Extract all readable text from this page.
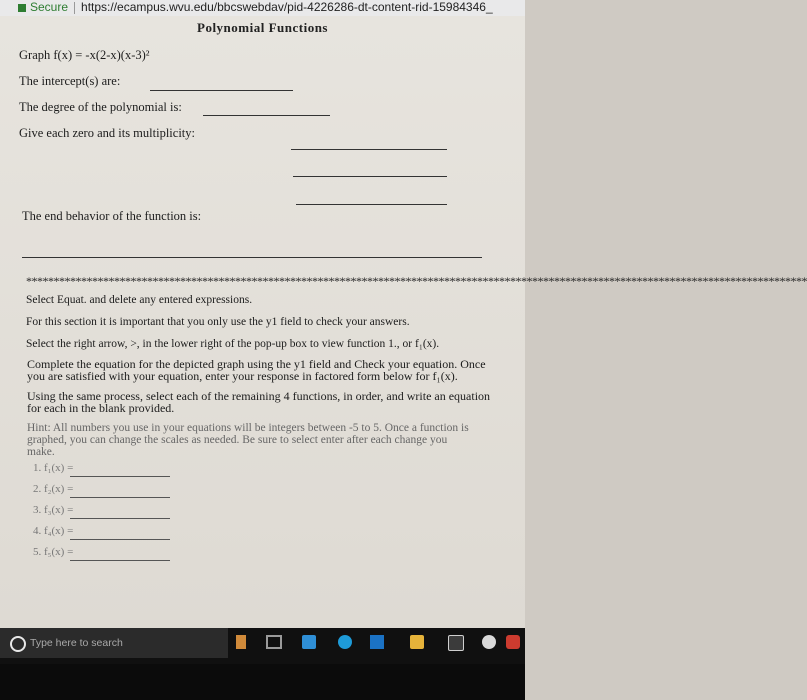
Secure https://ecampus.wvu.edu/bbcswebdav/pid-4226286-dt-content-rid-15984346_
Polynomial Functions
Graph f(x) = -x(2-x)(x-3)²
The intercept(s) are:
The degree of the polynomial is:
Give each zero and its multiplicity:
The end behavior of the function is:
**********************************************************************************************************************************************
Select Equat. and delete any entered expressions.
For this section it is important that you only use the y1 field to check your answers.
Select the right arrow, >, in the lower right of the pop-up box to view function 1., or f₁(x).
Complete the equation for the depicted graph using the y1 field and Check your equation. Once
you are satisfied with your equation, enter your response in factored form below for f₁(x).
Using the same process, select each of the remaining 4 functions, in order, and write an equation
for each in the blank provided.
Hint: All numbers you use in your equations will be integers between -5 to 5. Once a function is
graphed, you can change the scales as needed. Be sure to select enter after each change you
make.
1. f₁(x) =
2. f₂(x) =
3. f₃(x) =
4. f₄(x) =
5. f₅(x) =
Type here to search
